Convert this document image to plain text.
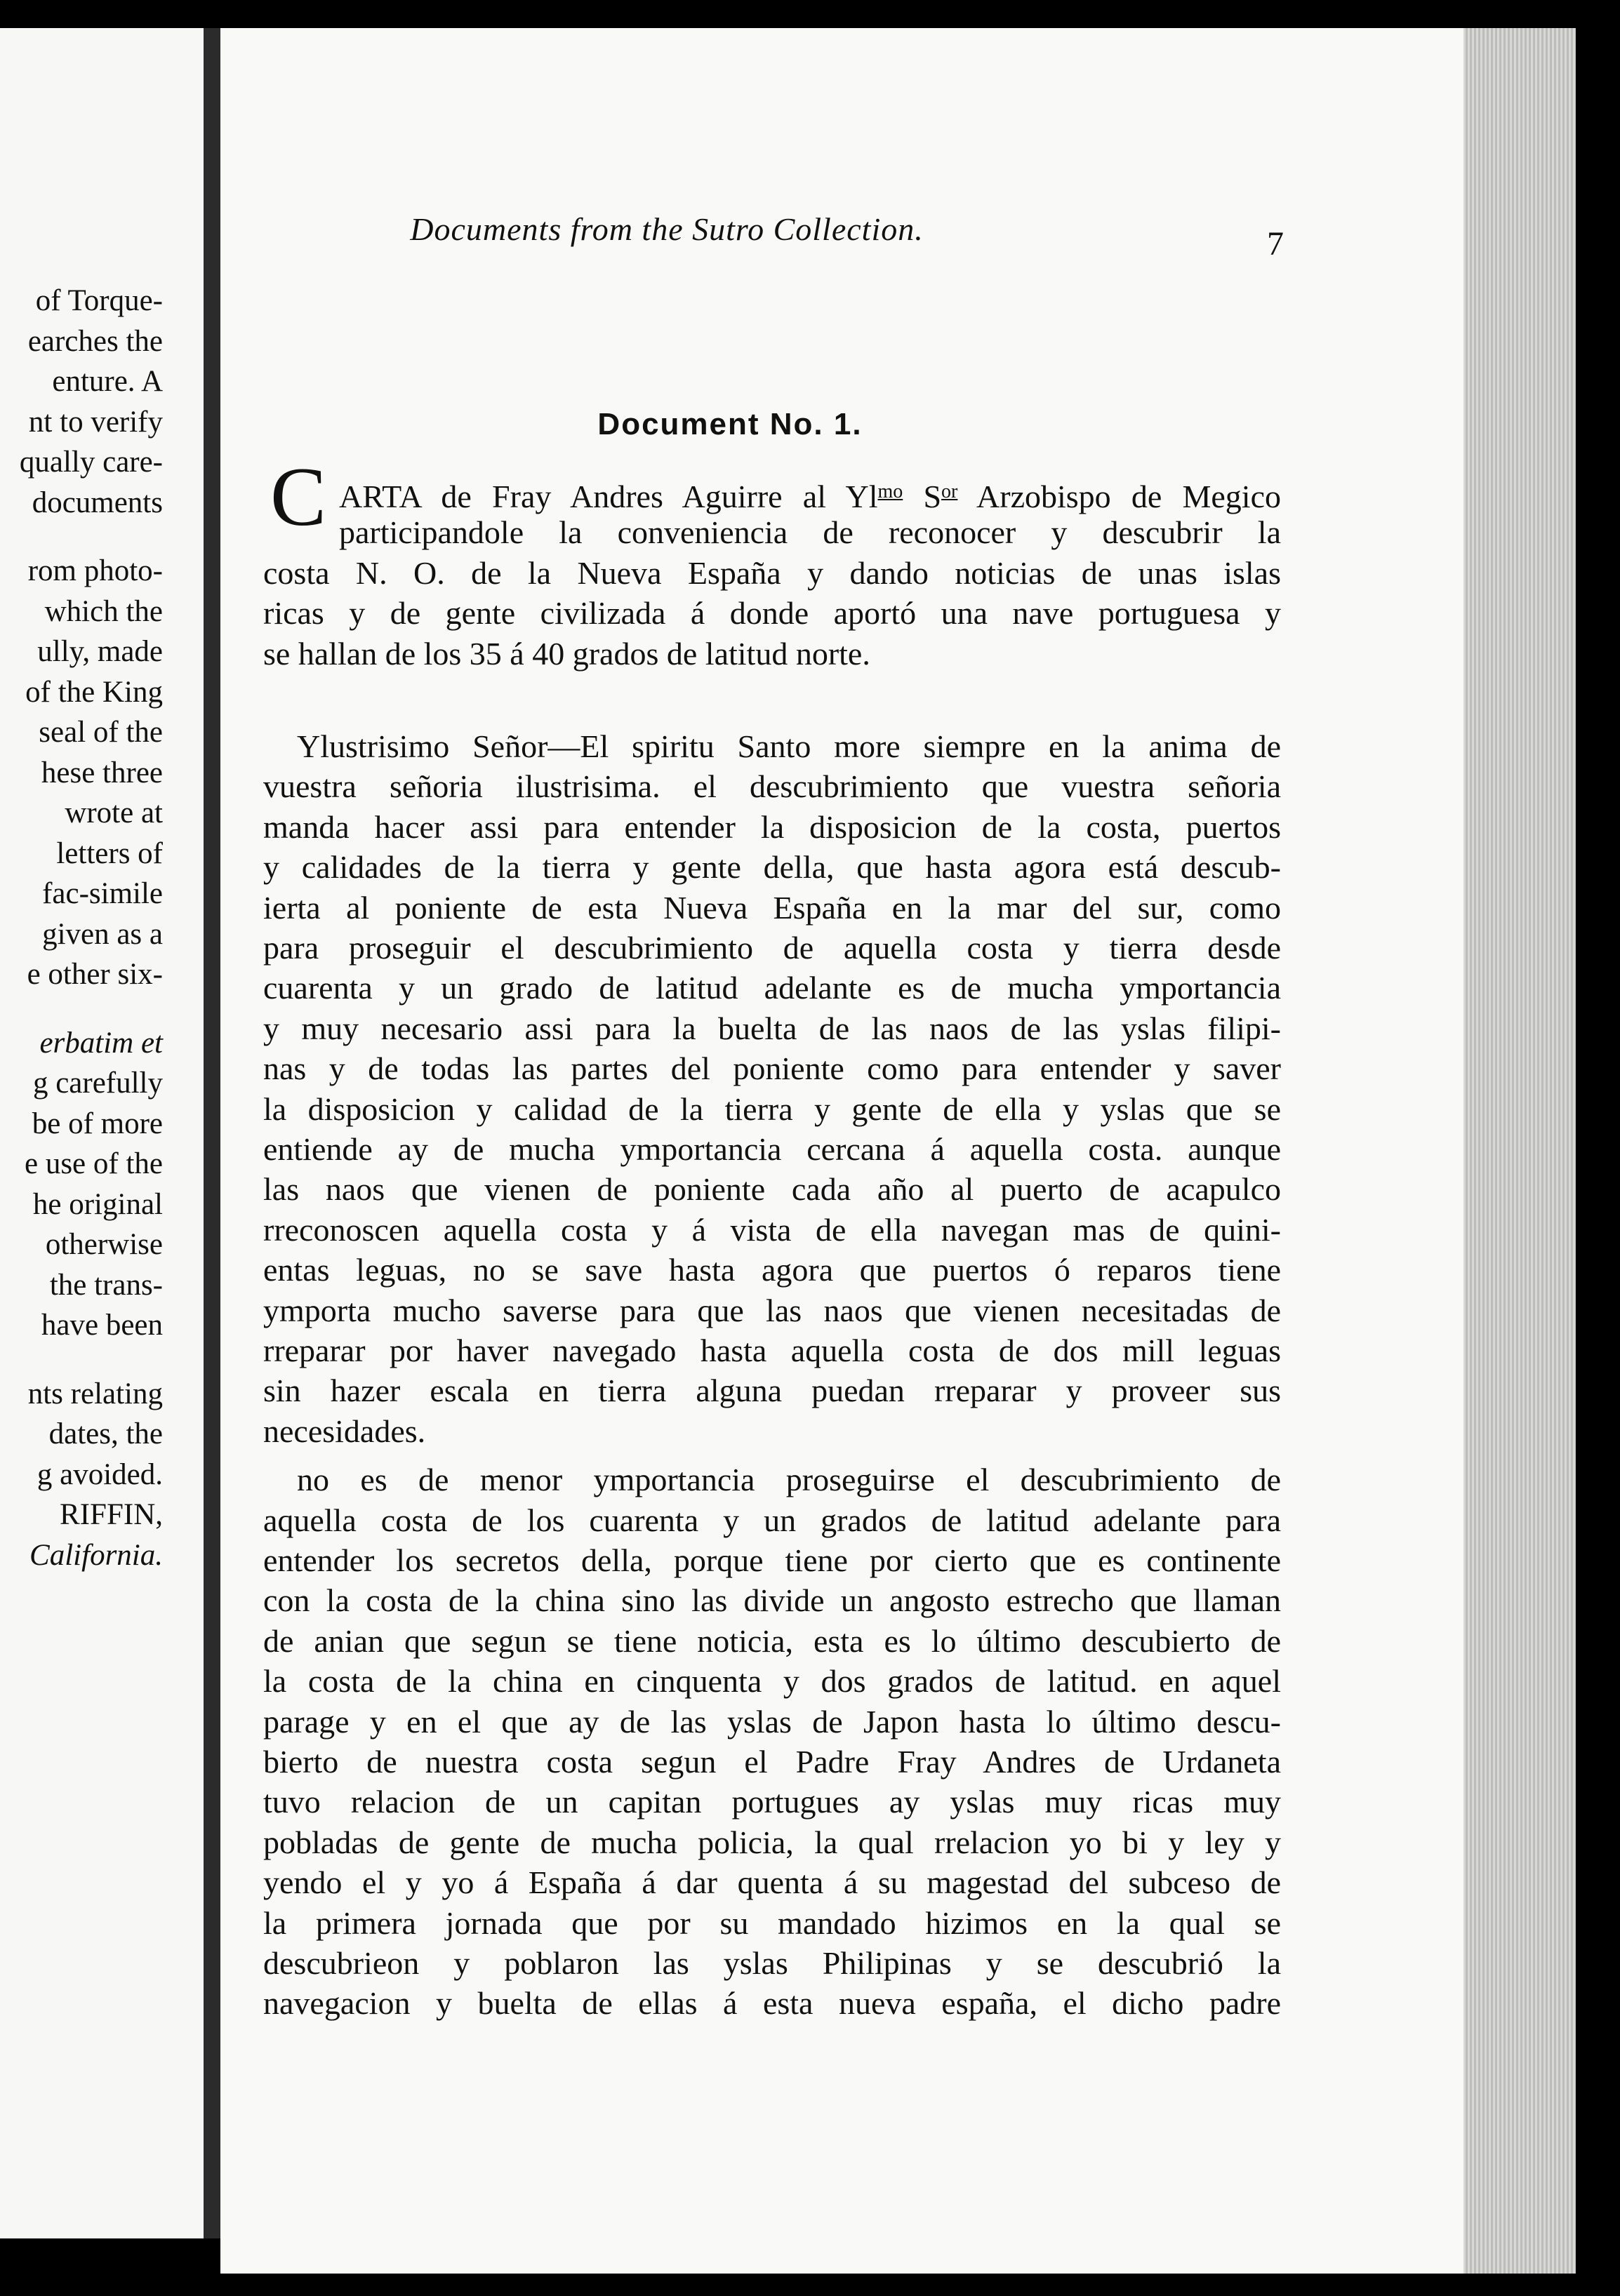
of Torque-
earches the
enture. A
nt to verify
qually care-
documents
rom photo-
which the
ully, made
of the King
seal of the
hese three
wrote at
letters of
fac-simile
given as a
e other six-
erbatim et
g carefully
be of more
e use of the
he original
otherwise
the trans-
have been
nts relating
dates, the
g avoided.
RIFFIN,
California.
Documents from the Sutro Collection.	7
Document No. 1.
C ARTA de Fray Andres Aguirre al $Yl^{mo}$ $S^{or}$ Arzobispo de Megico
participandole la conveniencia de reconocer y descubrir la
costa N. O. de la Nueva España y dando noticias de unas islas
ricas y de gente civilizada á donde aportó una nave portuguesa y
se hallan de los 35 á 40 grados de latitud norte.
Ylustrisimo Señor—El spiritu Santo more siempre en la anima de
vuestra señoria ilustrisima. el descubrimiento que vuestra señoria
manda hacer assi para entender la disposicion de la costa, puertos
y calidades de la tierra y gente della, que hasta agora está descub-
ierta al poniente de esta Nueva España en la mar del sur, como
para proseguir el descubrimiento de aquella costa y tierra desde
cuarenta y un grado de latitud adelante es de mucha ymportancia
y muy necesario assi para la buelta de las naos de las yslas filipi-
nas y de todas las partes del poniente como para entender y saver
la disposicion y calidad de la tierra y gente de ella y yslas que se
entiende ay de mucha ymportancia cercana á aquella costa. aunque
las naos que vienen de poniente cada año al puerto de acapulco
rreconoscen aquella costa y á vista de ella navegan mas de quini-
entas leguas, no se save hasta agora que puertos ó reparos tiene
ymporta mucho saverse para que las naos que vienen necesitadas de
rreparar por haver navegado hasta aquella costa de dos mill leguas
sin hazer escala en tierra alguna puedan rreparar y proveer sus
necesidades.
no es de menor ymportancia proseguirse el descubrimiento de
aquella costa de los cuarenta y un grados de latitud adelante para
entender los secretos della, porque tiene por cierto que es continente
con la costa de la china sino las divide un angosto estrecho que llaman
de anian que segun se tiene noticia, esta es lo último descubierto de
la costa de la china en cinquenta y dos grados de latitud. en aquel
parage y en el que ay de las yslas de Japon hasta lo último descu-
bierto de nuestra costa segun el Padre Fray Andres de Urdaneta
tuvo relacion de un capitan portugues ay yslas muy ricas muy
pobladas de gente de mucha policia, la qual rrelacion yo bi y ley y
yendo el y yo á España á dar quenta á su magestad del subceso de
la primera jornada que por su mandado hizimos en la qual se
descubrieon y poblaron las yslas Philipinas y se descubrió la
navegacion y buelta de ellas á esta nueva españa, el dicho padre
